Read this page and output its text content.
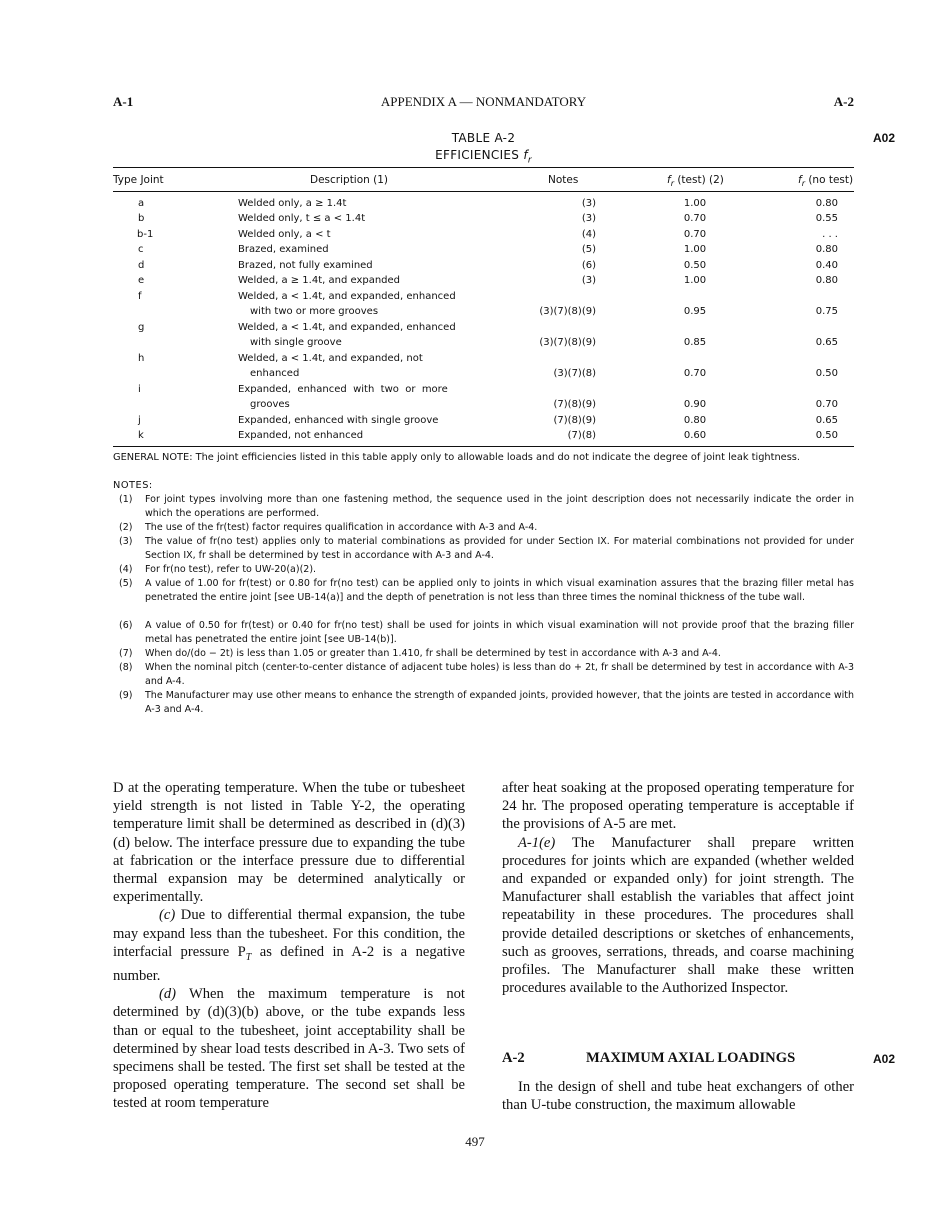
A-1	APPENDIX A — NONMANDATORY	A-2
TABLE A-2
EFFICIENCIES $f_r$
A02
Type Joint	Description (1)	Notes	$f_r$ (test) (2)	$f_r$ (no test)
a	Welded only, a ≥ 1.4t	(3)	1.00	0.80
b	Welded only, t ≤ a < 1.4t	(3)	0.70	0.55
b-1	Welded only, a < t	(4)	0.70	. . .
c	Brazed, examined	(5)	1.00	0.80
d	Brazed, not fully examined	(6)	0.50	0.40
e	Welded, a ≥ 1.4t, and expanded	(3)	1.00	0.80
f	Welded, a < 1.4t, and expanded, enhanced
with two or more grooves	(3)(7)(8)(9)	0.95	0.75
g	Welded, a < 1.4t, and expanded, enhanced
with single groove	(3)(7)(8)(9)	0.85	0.65
h	Welded, a < 1.4t, and expanded, not
enhanced	(3)(7)(8)	0.70	0.50
i	Expanded,  enhanced  with  two  or  more
grooves	(7)(8)(9)	0.90	0.70
j	Expanded, enhanced with single groove	(7)(8)(9)	0.80	0.65
k	Expanded, not enhanced	(7)(8)	0.60	0.50
GENERAL NOTE: The joint efficiencies listed in this table apply only to allowable loads and do not indicate the degree of joint leak tightness.
NOTES:
(1) For joint types involving more than one fastening method, the sequence used in the joint description does not necessarily indicate the order in which the operations are performed.
(2) The use of the fr(test) factor requires qualification in accordance with A-3 and A-4.
(3) The value of fr(no test) applies only to material combinations as provided for under Section IX. For material combinations not provided for under Section IX, fr shall be determined by test in accordance with A-3 and A-4.
(4) For fr(no test), refer to UW-20(a)(2).
(5) A value of 1.00 for fr(test) or 0.80 for fr(no test) can be applied only to joints in which visual examination assures that the brazing filler metal has penetrated the entire joint [see UB-14(a)] and the depth of penetration is not less than three times the nominal thickness of the tube wall.
(6) A value of 0.50 for fr(test) or 0.40 for fr(no test) shall be used for joints in which visual examination will not provide proof that the brazing filler metal has penetrated the entire joint [see UB-14(b)].
(7) When do/(do − 2t) is less than 1.05 or greater than 1.410, fr shall be determined by test in accordance with A-3 and A-4.
(8) When the nominal pitch (center-to-center distance of adjacent tube holes) is less than do + 2t, fr shall be determined by test in accordance with A-3 and A-4.
(9) The Manufacturer may use other means to enhance the strength of expanded joints, provided however, that the joints are tested in accordance with A-3 and A-4.

D at the operating temperature. When the tube or tubesheet yield strength is not listed in Table Y-2, the operating temperature limit shall be determined as described in (d)(3)(d) below. The interface pressure due to expanding the tube at fabrication or the interface pressure due to differential thermal expansion may be determined analytically or experimentally.

(c) Due to differential thermal expansion, the tube may expand less than the tubesheet. For this condition, the interfacial pressure $P_T$ as defined in A-2 is a negative number.

(d) When the maximum temperature is not determined by (d)(3)(b) above, or the tube expands less than or equal to the tubesheet, joint acceptability shall be determined by shear load tests described in A-3. Two sets of specimens shall be tested. The first set shall be tested at the proposed operating temperature. The second set shall be tested at room temperature

after heat soaking at the proposed operating temperature for 24 hr. The proposed operating temperature is acceptable if the provisions of A-5 are met.

A-1(e) The Manufacturer shall prepare written procedures for joints which are expanded (whether welded and expanded or expanded only) for joint strength. The Manufacturer shall establish the variables that affect joint repeatability in these procedures. The procedures shall provide detailed descriptions or sketches of enhancements, such as grooves, serrations, threads, and coarse machining profiles. The Manufacturer shall make these written procedures available to the Authorized Inspector.

A-2	MAXIMUM AXIAL LOADINGS	A02
In the design of shell and tube heat exchangers of other than U-tube construction, the maximum allowable
497
